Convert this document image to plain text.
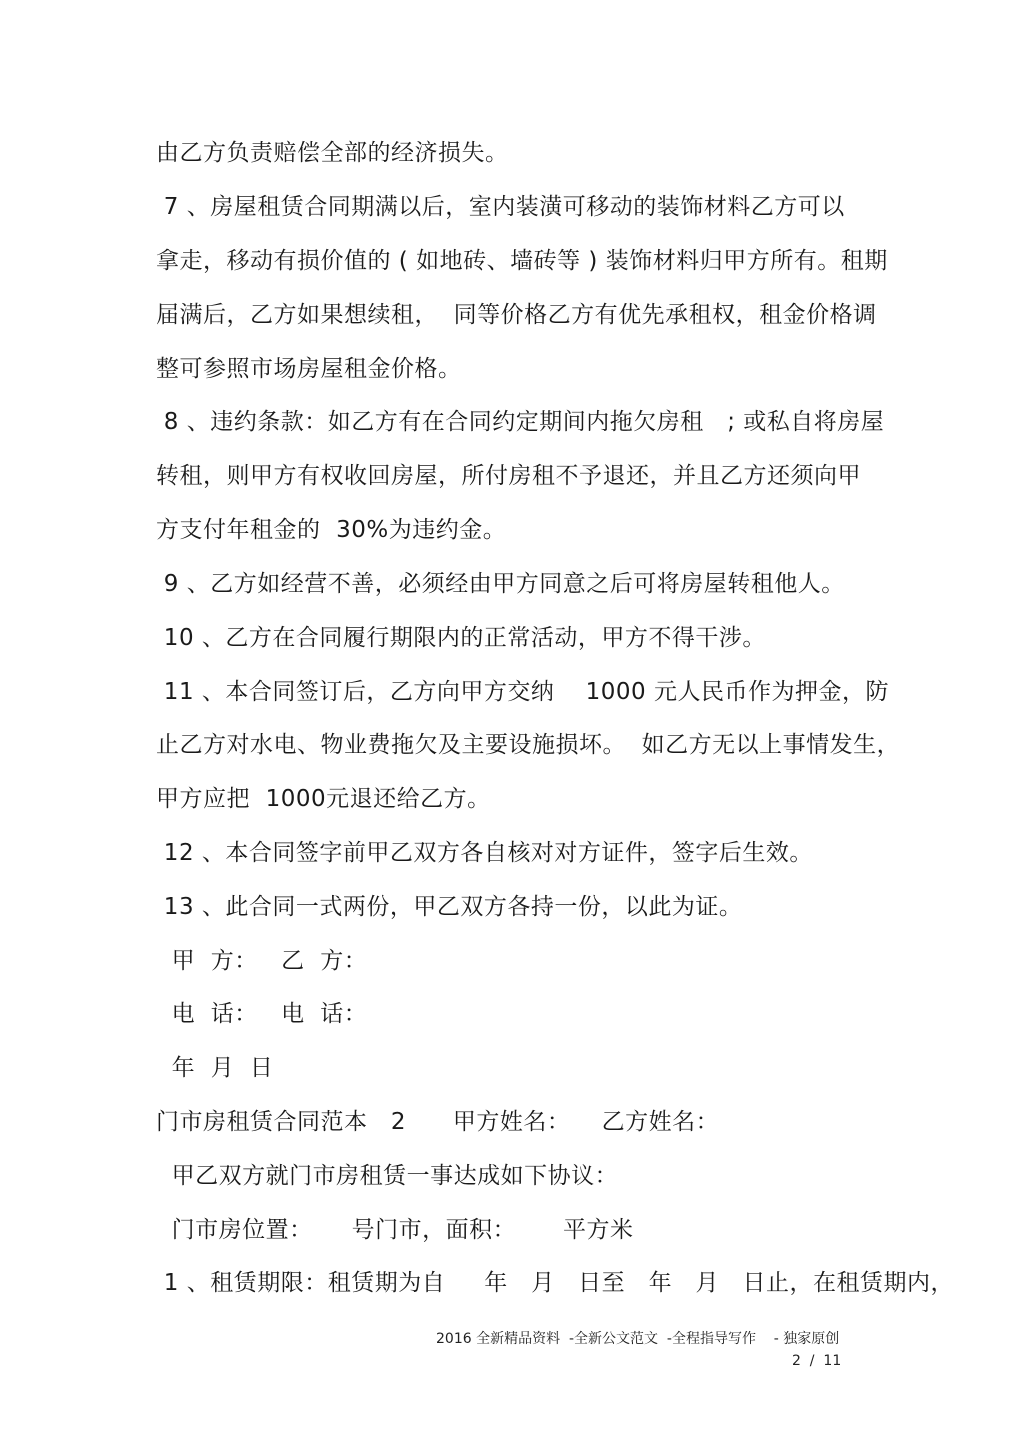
由乙方负责赔偿全部的经济损失。
7 、房屋租赁合同期满以后，室内装潢可移动的装饰材料乙方可以
拿走，移动有损价值的 ( 如地砖、墙砖等 ) 装饰材料归甲方所有。租期
届满后，乙方如果想续租，  同等价格乙方有优先承租权，租金价格调
整可参照市场房屋租金价格。
8 、违约条款：如乙方有在合同约定期间内拖欠房租   ; 或私自将房屋
转租，则甲方有权收回房屋，所付房租不予退还，并且乙方还须向甲
方支付年租金的  30%为违约金。
9 、乙方如经营不善，必须经由甲方同意之后可将房屋转租他人。
10 、乙方在合同履行期限内的正常活动，甲方不得干涉。
11 、本合同签订后，乙方向甲方交纳    1000 元人民币作为押金，防
止乙方对水电、物业费拖欠及主要设施损坏。  如乙方无以上事情发生，
甲方应把  1000元退还给乙方。
12 、本合同签字前甲乙双方各自核对对方证件，签字后生效。
13 、此合同一式两份，甲乙双方各持一份，以此为证。
甲  方：   乙  方：
电  话：   电  话：
年  月  日
门市房租赁合同范本   2      甲方姓名：    乙方姓名：
甲乙双方就门市房租赁一事达成如下协议：
门市房位置：     号门市，面积：      平方米
1 、租赁期限：租赁期为自     年   月   日至   年   月   日止，在租赁期内，
2016 全新精品资料  -全新公文范文  -全程指导写作    - 独家原创
2  /  11
